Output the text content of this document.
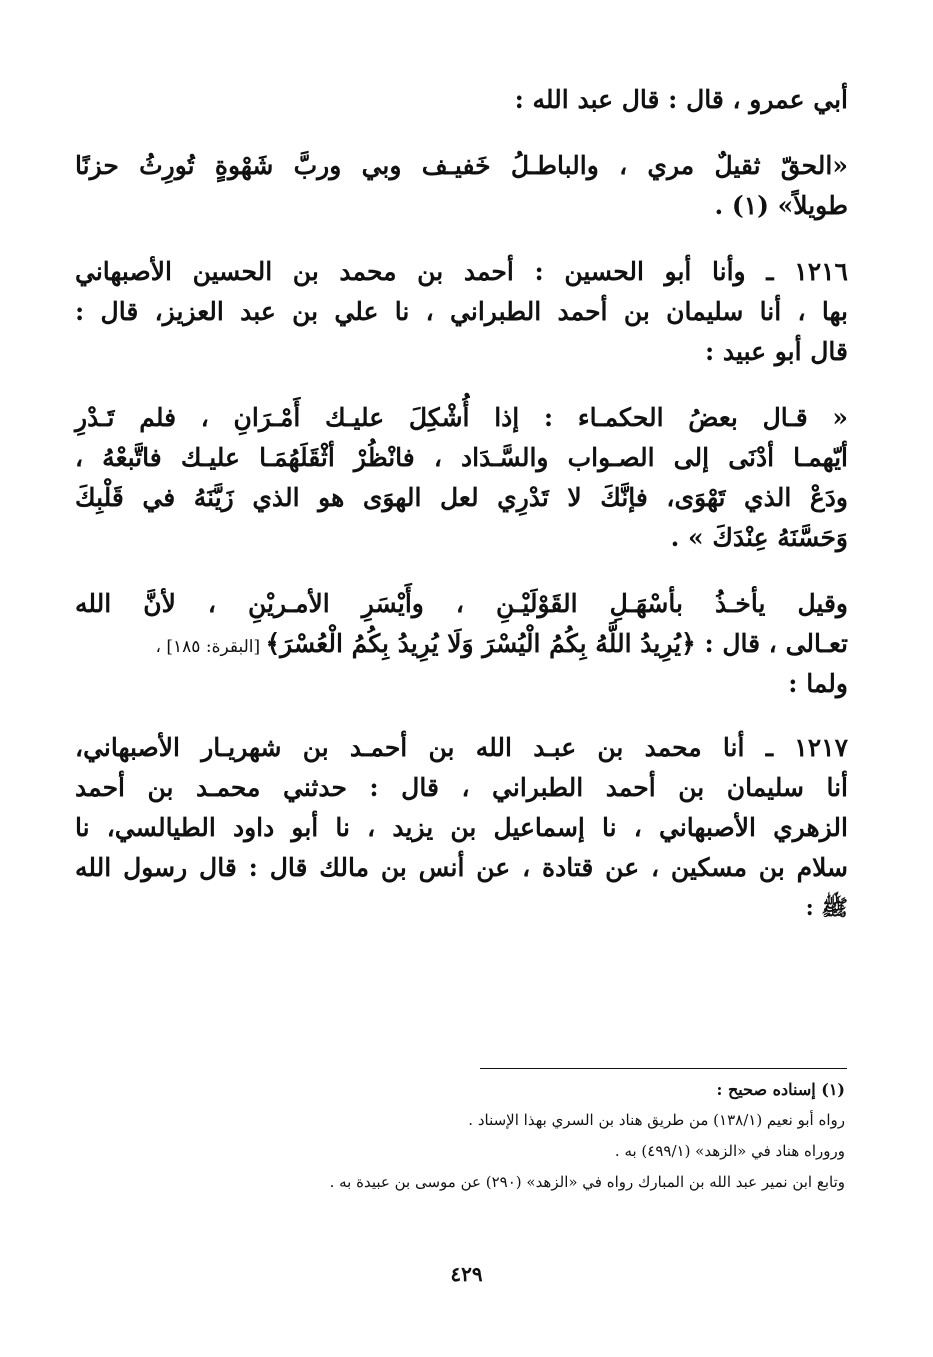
أبي عمرو ، قال : قال عبد الله :
«الحقّ ثقيلٌ مري ، والباطـلُ خَفيـف وبي وربَّ شَهْوةٍ تُورِثُ حزنًا
طويلاً» (١) .
١٢١٦ ـ وأنا أبو الحسين : أحمد بن محمد بن الحسين الأصبهاني
بها ، أنا سليمان بن أحمد الطبراني ، نا علي بن عبد العزيز، قال :
قال أبو عبيد :
« قـال بعضُ الحكمـاء : إذا أُشْكِلَ عليـك أَمْـرَانِ ، فلم تَـدْرِ
أيّهمـا أدْنَى إلى الصـواب والسَّـدَاد ، فانْظُرْ أثْقَلَهُمَـا عليـك فاتَّبعْهُ ،
ودَعْ الذي تَهْوَى، فإنَّكَ لا تَدْرِي لعل الهوَى هو الذي زَيَّنَهُ في قَلْبِكَ
وَحَسَّنَهُ عِنْدَكَ » .
وقيل يأخـذُ بأسْهَـلِ القَوْلَيْـنِ ، وأَيْسَرِ الأمـريْنِ ، لأنَّ الله
تعـالى ، قال : ﴿يُرِيدُ اللَّهُ بِكُمُ الْيُسْرَ وَلَا يُرِيدُ بِكُمُ الْعُسْرَ﴾ [البقرة: ١٨٥] ،
ولما :
١٢١٧ ـ أنا محمد بن عبـد الله بن أحمـد بن شهريـار الأصبهاني،
أنا سليمان بن أحمد الطبراني ، قال : حدثني محمـد بن أحمد
الزهري الأصبهاني ، نا إسماعيل بن يزيد ، نا أبو داود الطيالسي، نا
سلام بن مسكين ، عن قتادة ، عن أنس بن مالك قال : قال رسول الله
ﷺ :
(١) إسناده صحيح :
رواه أبو نعيم (١٣٨/١) من طريق هناد بن السري بهذا الإسناد .
وروراه هناد في «الزهد» (٤٩٩/١) به .
وتابع ابن نمير عبد الله بن المبارك رواه في «الزهد» (٢٩٠) عن موسى بن عبيدة به .
٤٢٩
